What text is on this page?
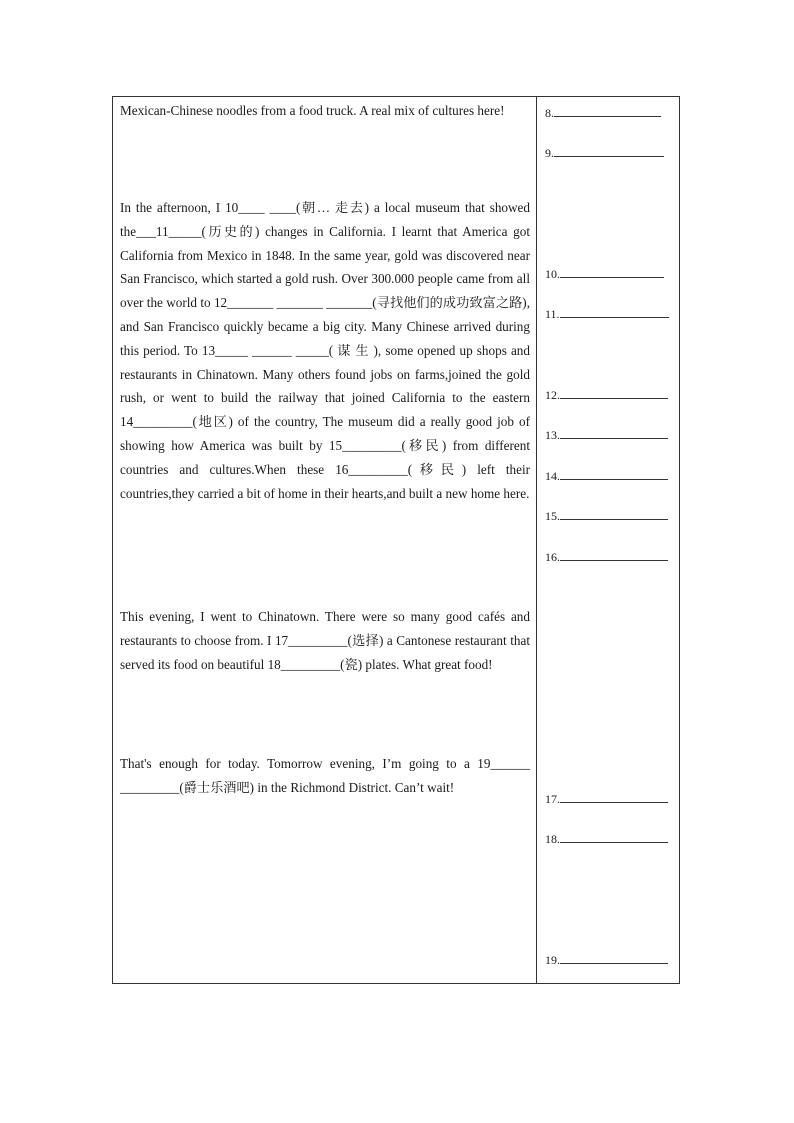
Mexican-Chinese noodles from a food truck. A real mix of cultures here!

In the afternoon, I 10____ ____(朝… 走去) a local museum that showed the___11_____(历史的) changes in California. I learnt that America got California from Mexico in 1848. In the same year, gold was discovered near San Francisco, which started a gold rush. Over 300.000 people came from all over the world to 12_______ _______ _______(寻找他们的成功致富之路), and San Francisco quickly became a big city. Many Chinese arrived during this period. To 13_____ ______ _____( 谋 生 ), some opened up shops and restaurants in Chinatown. Many others found jobs on farms,joined the gold rush, or went to build the railway that joined California to the eastern 14_________(地区) of the country, The museum did a really good job of showing how America was built by 15_________(移民) from different countries and cultures.When these 16_________(移民) left their countries,they carried a bit of home in their hearts,and built a new home here.

This evening, I went to Chinatown. There were so many good cafés and restaurants to choose from. I 17_________(选择) a Cantonese restaurant that served its food on beautiful 18_________(瓷) plates. What great food!

That's enough for today. Tomorrow evening, I’m going to a 19______ _________(爵士乐酒吧) in the Richmond District. Can’t wait!

8.
9.
10.
11.
12.
13.
14.
15.
16.
17.
18.
19.
